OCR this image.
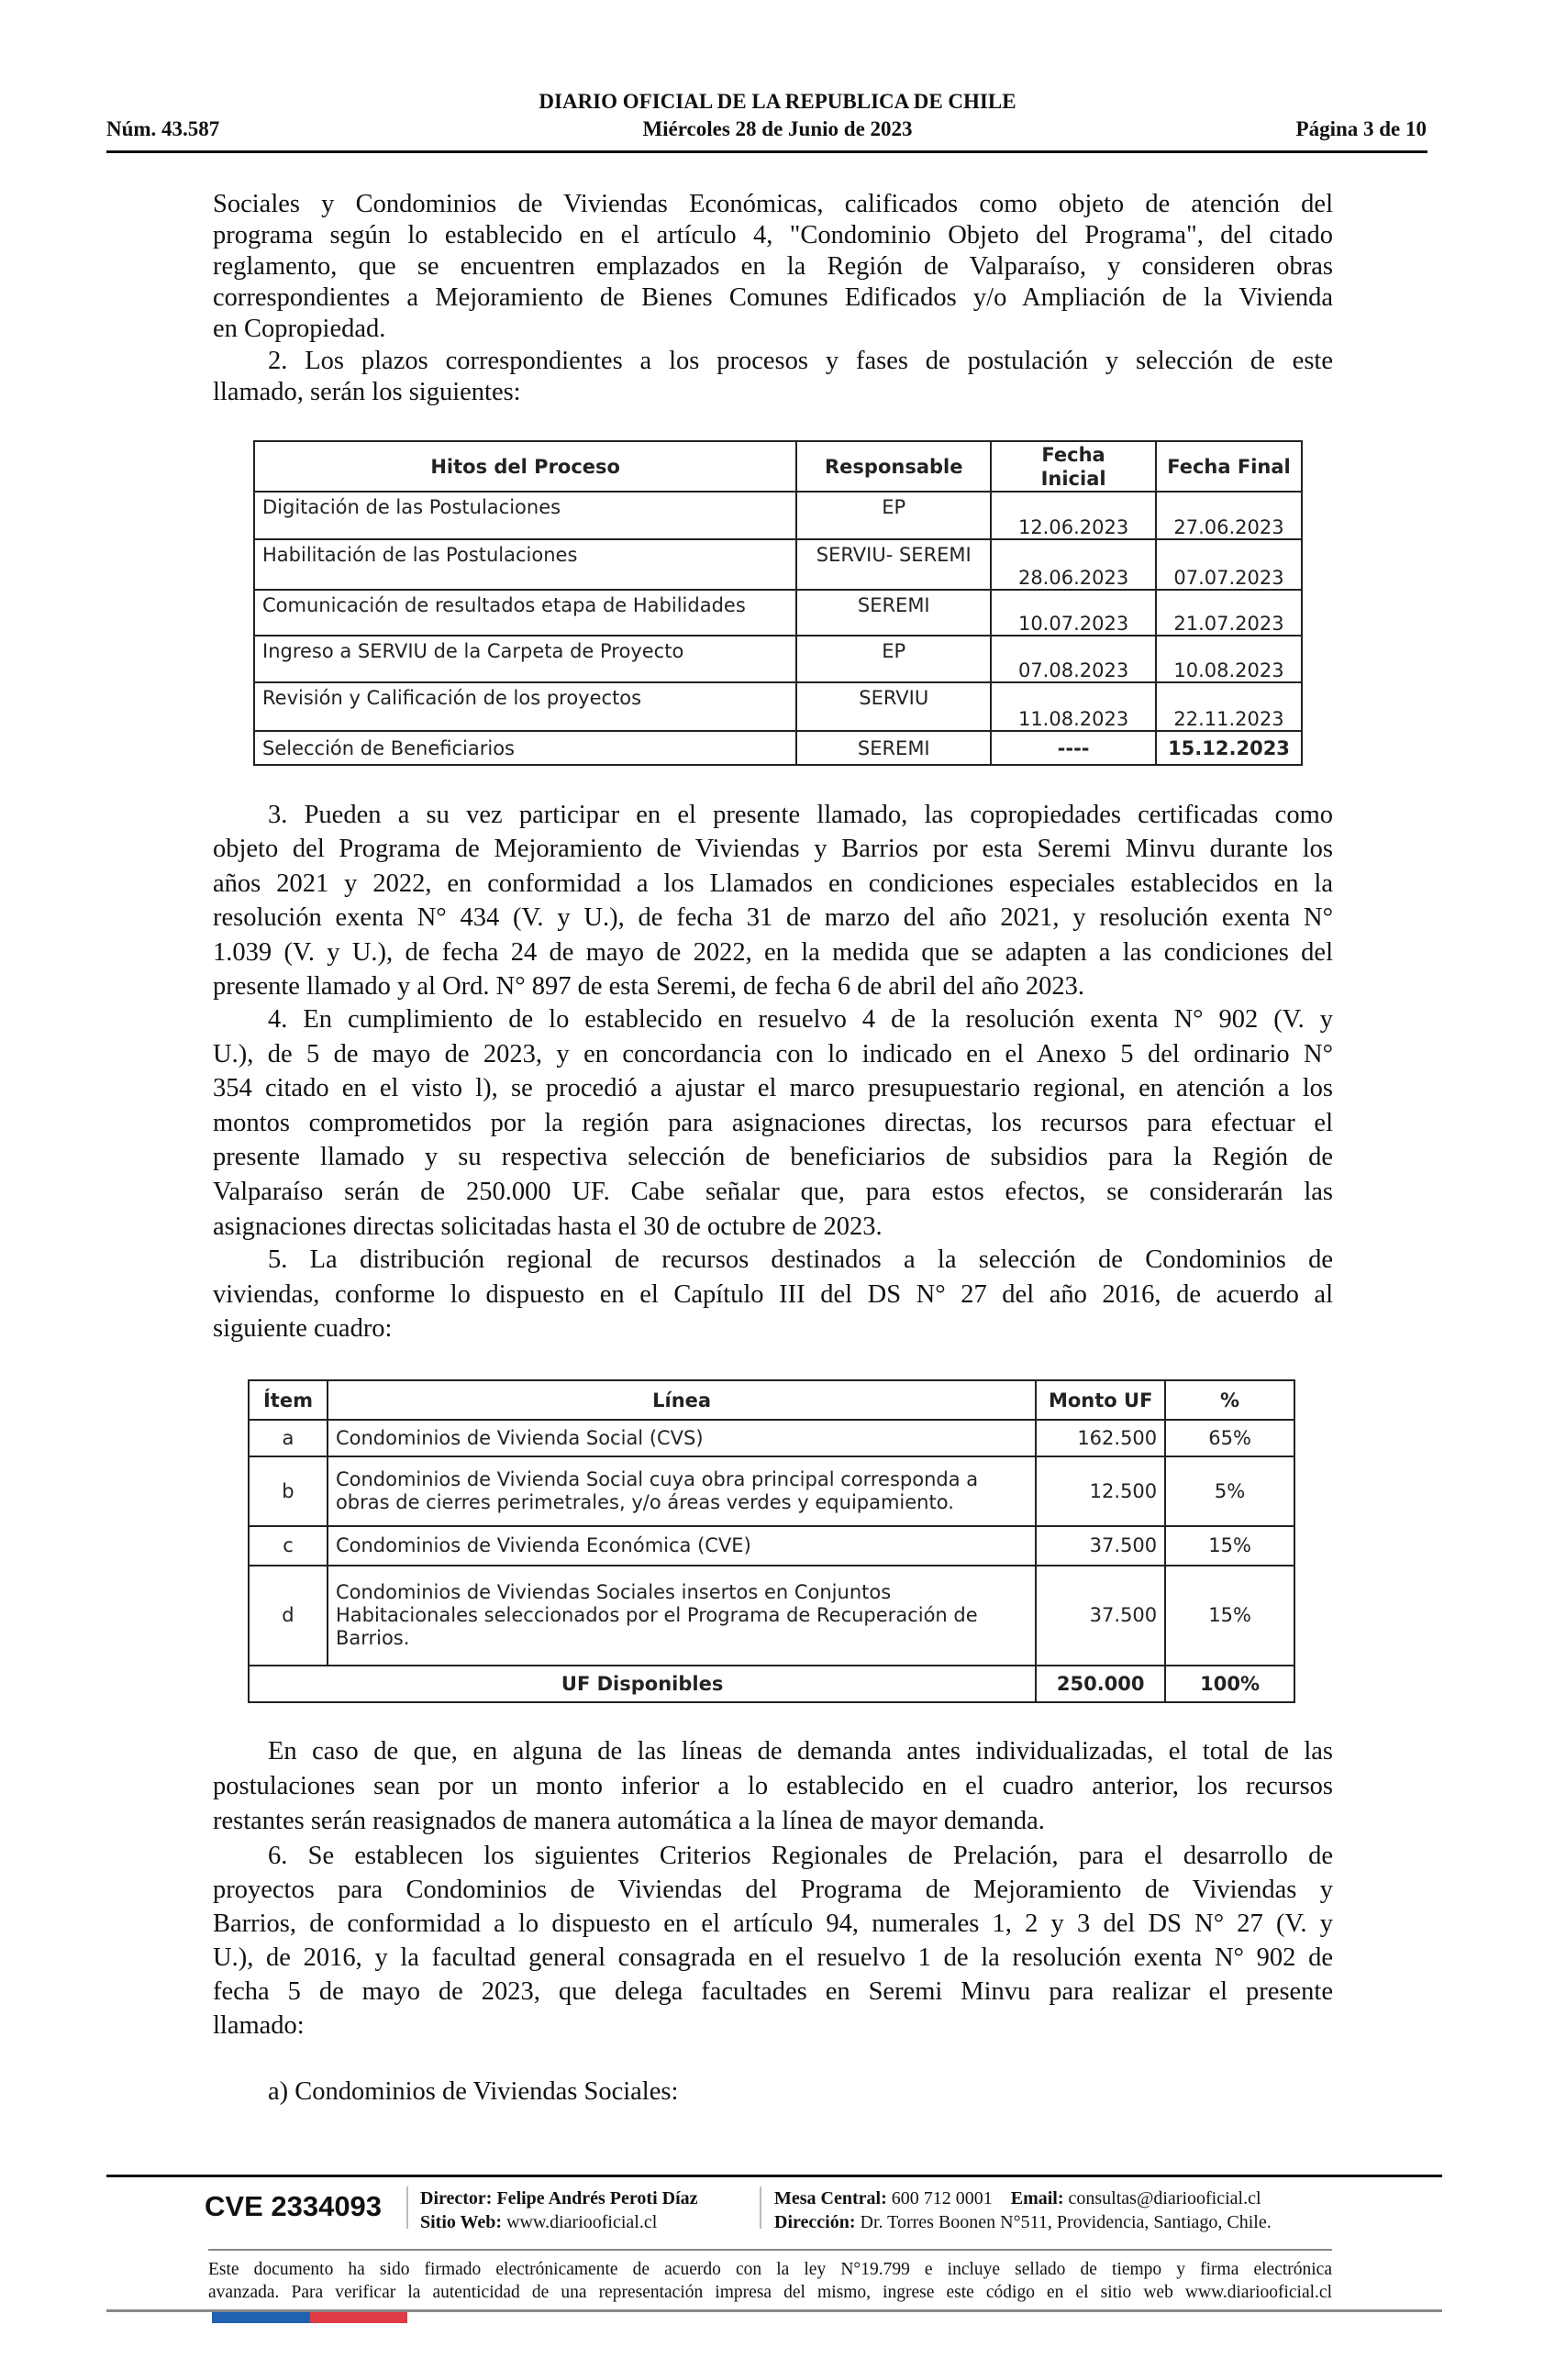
DIARIO OFICIAL DE LA REPUBLICA DE CHILE
Núm. 43.587	Miércoles 28 de Junio de 2023	Página 3 de 10
Sociales y Condominios de Viviendas Económicas, calificados como objeto de atención del
programa según lo establecido en el artículo 4, "Condominio Objeto del Programa", del citado
reglamento, que se encuentren emplazados en la Región de Valparaíso, y consideren obras
correspondientes a Mejoramiento de Bienes Comunes Edificados y/o Ampliación de la Vivienda
en Copropiedad.
2. Los plazos correspondientes a los procesos y fases de postulación y selección de este
llamado, serán los siguientes:
Hitos del Proceso	Responsable	Fecha Inicial	Fecha Final
Digitación de las Postulaciones	EP	12.06.2023	27.06.2023
Habilitación de las Postulaciones	SERVIU- SEREMI	28.06.2023	07.07.2023
Comunicación de resultados etapa de Habilidades	SEREMI	10.07.2023	21.07.2023
Ingreso a SERVIU de la Carpeta de Proyecto	EP	07.08.2023	10.08.2023
Revisión y Calificación de los proyectos	SERVIU	11.08.2023	22.11.2023
Selección de Beneficiarios	SEREMI	----	15.12.2023
3. Pueden a su vez participar en el presente llamado, las copropiedades certificadas como
objeto del Programa de Mejoramiento de Viviendas y Barrios por esta Seremi Minvu durante los
años 2021 y 2022, en conformidad a los Llamados en condiciones especiales establecidos en la
resolución exenta N° 434 (V. y U.), de fecha 31 de marzo del año 2021, y resolución exenta N°
1.039 (V. y U.), de fecha 24 de mayo de 2022, en la medida que se adapten a las condiciones del
presente llamado y al Ord. N° 897 de esta Seremi, de fecha 6 de abril del año 2023.
4. En cumplimiento de lo establecido en resuelvo 4 de la resolución exenta N° 902 (V. y
U.), de 5 de mayo de 2023, y en concordancia con lo indicado en el Anexo 5 del ordinario N°
354 citado en el visto l), se procedió a ajustar el marco presupuestario regional, en atención a los
montos comprometidos por la región para asignaciones directas, los recursos para efectuar el
presente llamado y su respectiva selección de beneficiarios de subsidios para la Región de
Valparaíso serán de 250.000 UF. Cabe señalar que, para estos efectos, se considerarán las
asignaciones directas solicitadas hasta el 30 de octubre de 2023.
5. La distribución regional de recursos destinados a la selección de Condominios de
viviendas, conforme lo dispuesto en el Capítulo III del DS N° 27 del año 2016, de acuerdo al
siguiente cuadro:
Ítem	Línea	Monto UF	%
a	Condominios de Vivienda Social (CVS)	162.500	65%
b	Condominios de Vivienda Social cuya obra principal corresponda a obras de cierres perimetrales, y/o áreas verdes y equipamiento.	12.500	5%
c	Condominios de Vivienda Económica (CVE)	37.500	15%
d	Condominios de Viviendas Sociales insertos en Conjuntos Habitacionales seleccionados por el Programa de Recuperación de Barrios.	37.500	15%
UF Disponibles		250.000	100%
En caso de que, en alguna de las líneas de demanda antes individualizadas, el total de las
postulaciones sean por un monto inferior a lo establecido en el cuadro anterior, los recursos
restantes serán reasignados de manera automática a la línea de mayor demanda.
6. Se establecen los siguientes Criterios Regionales de Prelación, para el desarrollo de
proyectos para Condominios de Viviendas del Programa de Mejoramiento de Viviendas y
Barrios, de conformidad a lo dispuesto en el artículo 94, numerales 1, 2 y 3 del DS N° 27 (V. y
U.), de 2016, y la facultad general consagrada en el resuelvo 1 de la resolución exenta N° 902 de
fecha 5 de mayo de 2023, que delega facultades en Seremi Minvu para realizar el presente
llamado:
a) Condominios de Viviendas Sociales:
CVE 2334093 Director: Felipe Andrés Peroti Díaz
Sitio Web: www.diariooficial.cl
Mesa Central: 600 712 0001 Email: consultas@diariooficial.cl
Dirección: Dr. Torres Boonen N°511, Providencia, Santiago, Chile.
Este documento ha sido firmado electrónicamente de acuerdo con la ley N°19.799 e incluye sellado de tiempo y firma electrónica
avanzada. Para verificar la autenticidad de una representación impresa del mismo, ingrese este código en el sitio web www.diariooficial.cl
